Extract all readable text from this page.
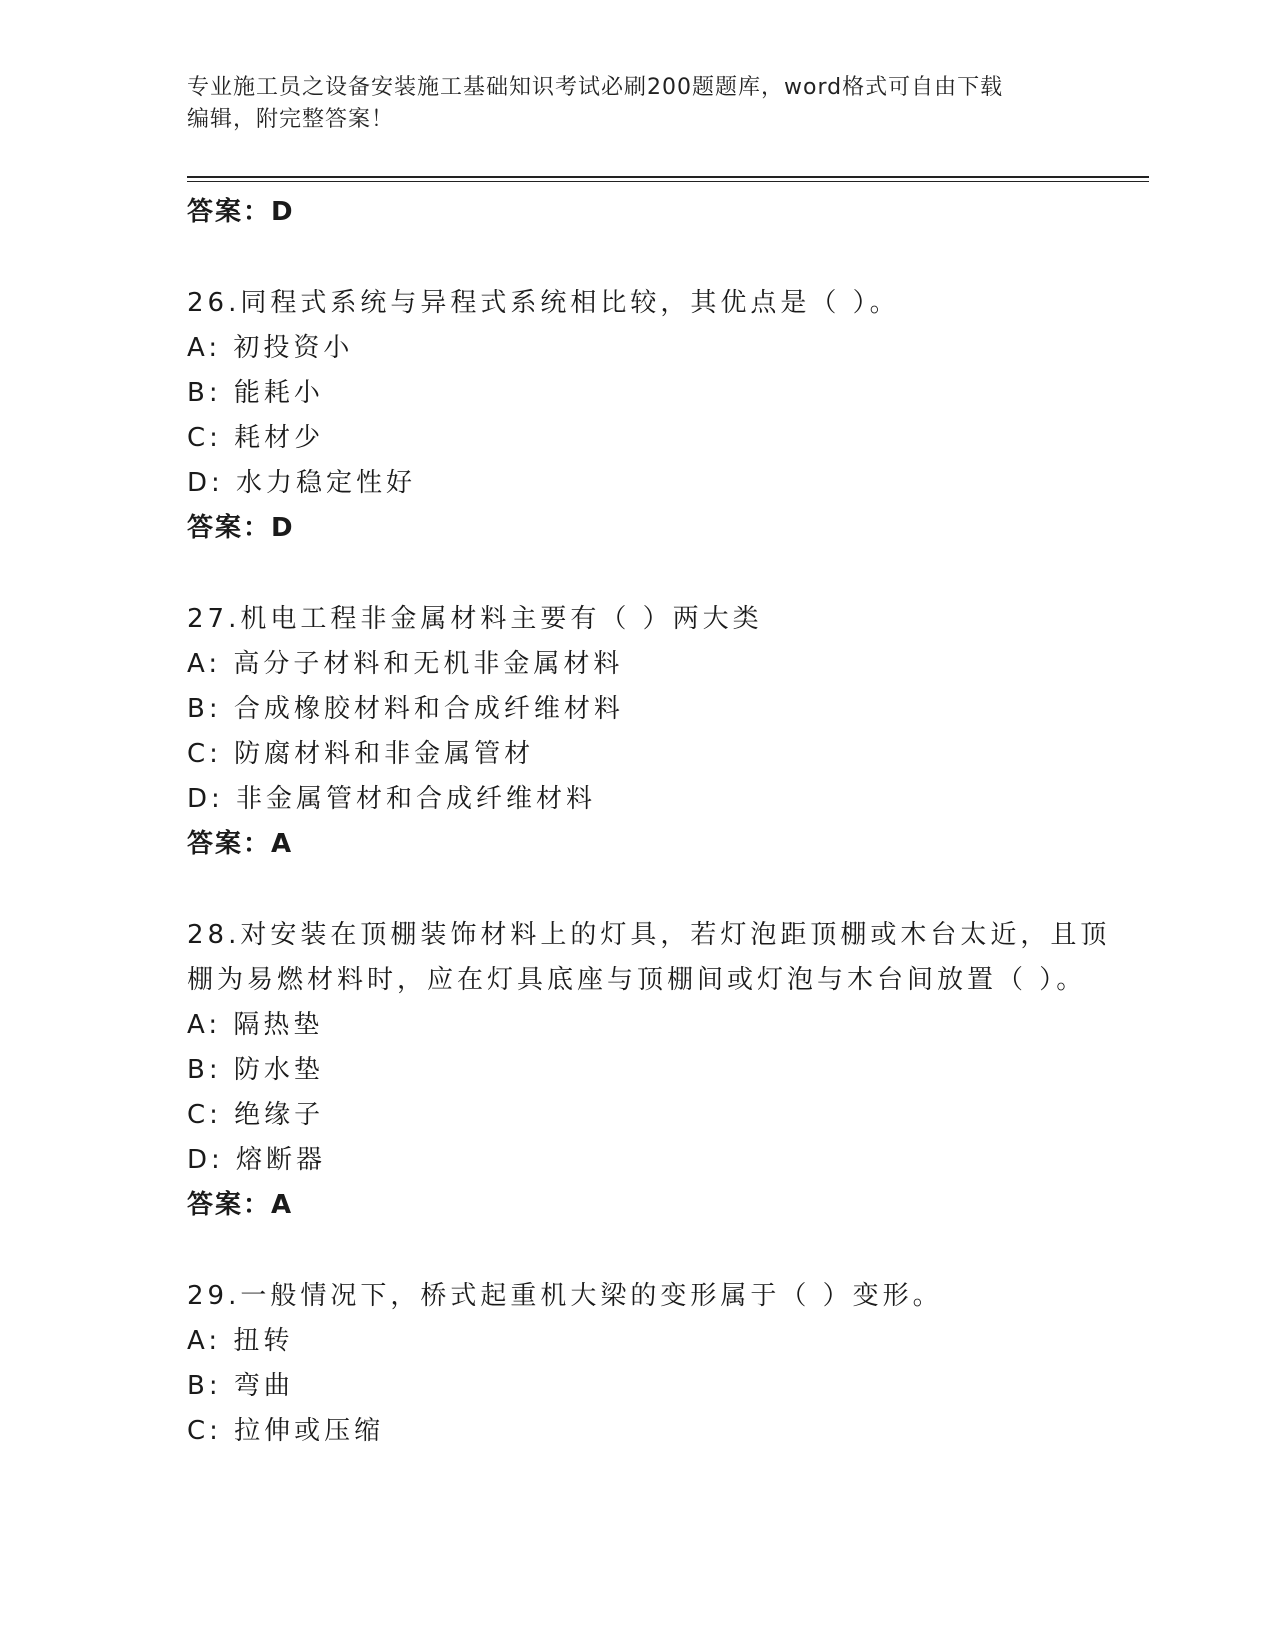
专业施工员之设备安装施工基础知识考试必刷200题题库，word格式可自由下载
编辑，附完整答案！
答案：D
26.同程式系统与异程式系统相比较，其优点是（ ）。
A: 初投资小
B: 能耗小
C: 耗材少
D: 水力稳定性好
答案：D
27.机电工程非金属材料主要有（ ）两大类
A: 高分子材料和无机非金属材料
B: 合成橡胶材料和合成纤维材料
C: 防腐材料和非金属管材
D: 非金属管材和合成纤维材料
答案：A
28.对安装在顶棚装饰材料上的灯具，若灯泡距顶棚或木台太近，且顶
棚为易燃材料时，应在灯具底座与顶棚间或灯泡与木台间放置（ ）。
A: 隔热垫
B: 防水垫
C: 绝缘子
D: 熔断器
答案：A
29.一般情况下，桥式起重机大梁的变形属于（ ）变形。
A: 扭转
B: 弯曲
C: 拉伸或压缩
